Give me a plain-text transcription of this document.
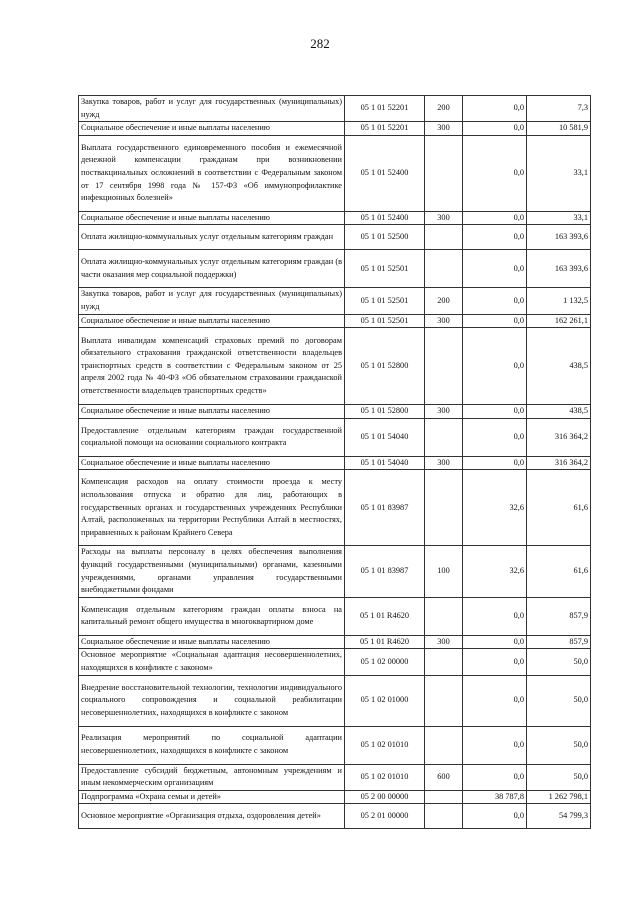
282
Закупка товаров, работ и услуг для государственных (муниципальных) нужд	05 1 01 52201	200	0,0	7,3
Социальное обеспечение и иные выплаты населению	05 1 01 52201	300	0,0	10 581,9
Выплата государственного единовременного пособия и ежемесячной денежной компенсации гражданам при возникновении поствакцинальных осложнений в соответствии с Федеральным законом от 17 сентября 1998 года № 157-ФЗ «Об иммунопрофилактике инфекционных болезней»	05 1 01 52400		0,0	33,1
Социальное обеспечение и иные выплаты населению	05 1 01 52400	300	0,0	33,1
Оплата жилищно-коммунальных услуг отдельным категориям граждан	05 1 01 52500		0,0	163 393,6
Оплата жилищно-коммунальных услуг отдельным категориям граждан (в части оказания мер социальной поддержки)	05 1 01 52501		0,0	163 393,6
Закупка товаров, работ и услуг для государственных (муниципальных) нужд	05 1 01 52501	200	0,0	1 132,5
Социальное обеспечение и иные выплаты населению	05 1 01 52501	300	0,0	162 261,1
Выплата инвалидам компенсаций страховых премий по договорам обязательного страхования гражданской ответственности владельцев транспортных средств в соответствии с Федеральным законом от 25 апреля 2002 года № 40-ФЗ «Об обязательном страховании гражданской ответственности владельцев транспортных средств»	05 1 01 52800		0,0	438,5
Социальное обеспечение и иные выплаты населению	05 1 01 52800	300	0,0	438,5
Предоставление отдельным категориям граждан государственной социальной помощи на основании социального контракта	05 1 01 54040		0,0	316 364,2
Социальное обеспечение и иные выплаты населению	05 1 01 54040	300	0,0	316 364,2
Компенсация расходов на оплату стоимости проезда к месту использования отпуска и обратно для лиц, работающих в государственных органах и государственных учреждениях Республики Алтай, расположенных на территории Республики Алтай в местностях, приравненных к районам Крайнего Севера	05 1 01 83987		32,6	61,6
Расходы на выплаты персоналу в целях обеспечения выполнения функций государственными (муниципальными) органами, казенными учреждениями, органами управления государственными внебюджетными фондами	05 1 01 83987	100	32,6	61,6
Компенсация отдельным категориям граждан оплаты взноса на капитальный ремонт общего имущества в многоквартирном доме	05 1 01 R4620		0,0	857,9
Социальное обеспечение и иные выплаты населению	05 1 01 R4620	300	0,0	857,9
Основное мероприятие «Социальная адаптация несовершеннолетних, находящихся в конфликте с законом»	05 1 02 00000		0,0	50,0
Внедрение восстановительной технологии, технологии индивидуального социального сопровождения и социальной реабилитации несовершеннолетних, находящихся в конфликте с законом	05 1 02 01000		0,0	50,0
Реализация мероприятий по социальной адаптации несовершеннолетних, находящихся в конфликте с законом	05 1 02 01010		0,0	50,0
Предоставление субсидий бюджетным, автономным учреждениям и иным некоммерческим организациям	05 1 02 01010	600	0,0	50,0
Подпрограмма «Охрана семьи и детей»	05 2 00 00000		38 787,8	1 262 798,1
Основное мероприятие «Организация отдыха, оздоровления детей»	05 2 01 00000		0,0	54 799,3
